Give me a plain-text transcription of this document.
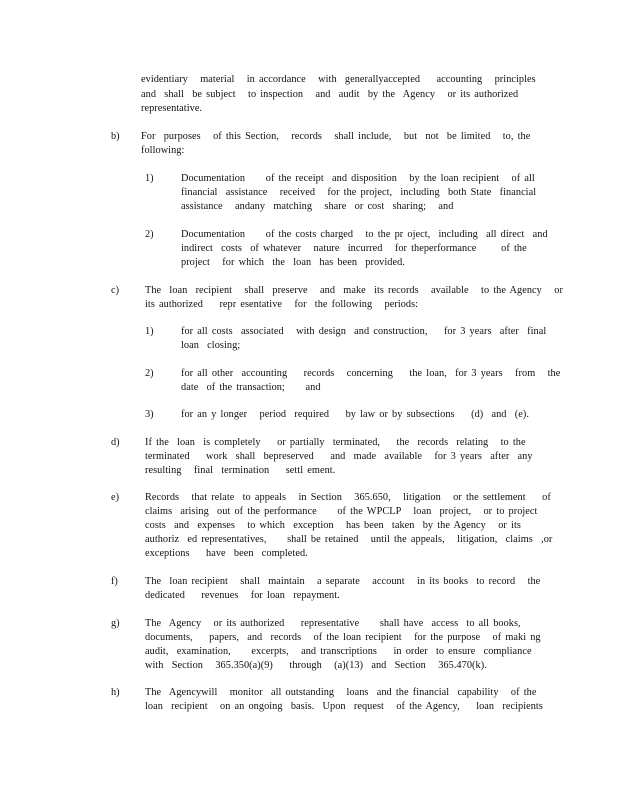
evidentiary   material   in accordance   with  generallyaccepted    accounting   principles
and  shall  be subject   to inspection   and  audit  by the  Agency   or its authorized
representative.
b) For  purposes   of this Section,   records   shall include,   but  not  be limited   to, the
following:
1)	Documentation     of the receipt  and disposition   by the loan recipient   of all
financial  assistance   received   for the project,  including  both State  financial
assistance   andany  matching   share  or cost  sharing;   and
2)	Documentation     of the costs charged   to the pr oject,  including  all direct  and
indirect  costs  of whatever   nature  incurred   for theperformance      of the
project   for which  the  loan  has been  provided.
c)	The  loan  recipient   shall  preserve   and  make  its records   available   to the Agency   or
its authorized    repr esentative   for  the following   periods:
1)	for all costs  associated   with design  and construction,    for 3 years  after  final
loan  closing;
2)	for all other  accounting    records   concerning    the loan,  for 3 years   from   the
date  of the transaction;     and
3)	for an y longer   period  required    by law or by subsections    (d)  and  (e).
d) If the  loan  is completely    or partially  terminated,    the  records  relating   to the
terminated    work  shall  bepreserved    and  made  available   for 3 years  after  any
resulting   final  termination    settl ement.
e)	Records   that relate  to appeals   in Section   365.650,   litigation   or the settlement    of
claims  arising  out of the performance     of the WPCLP   loan  project,   or to project
costs  and  expenses   to which  exception   has been  taken  by the Agency   or its
authoriz  ed representatives,     shall be retained   until the appeals,   litigation,  claims  ,or
exceptions    have  been  completed.
f)	The  loan recipient   shall  maintain   a separate   account   in its books  to record   the
dedicated    revenues   for loan  repayment.
g) The  Agency   or its authorized    representative     shall have  access  to all books,
documents,    papers,  and  records   of the loan recipient   for the purpose   of maki ng
audit,  examination,     excerpts,   and transcriptions    in order  to ensure  compliance
with  Section   365.350(a)(9)    through   (a)(13)  and  Section   365.470(k).
h) The  Agencywill   monitor  all outstanding   loans  and the financial  capability   of the
loan  recipient   on an ongoing  basis.  Upon  request   of the Agency,    loan  recipients
